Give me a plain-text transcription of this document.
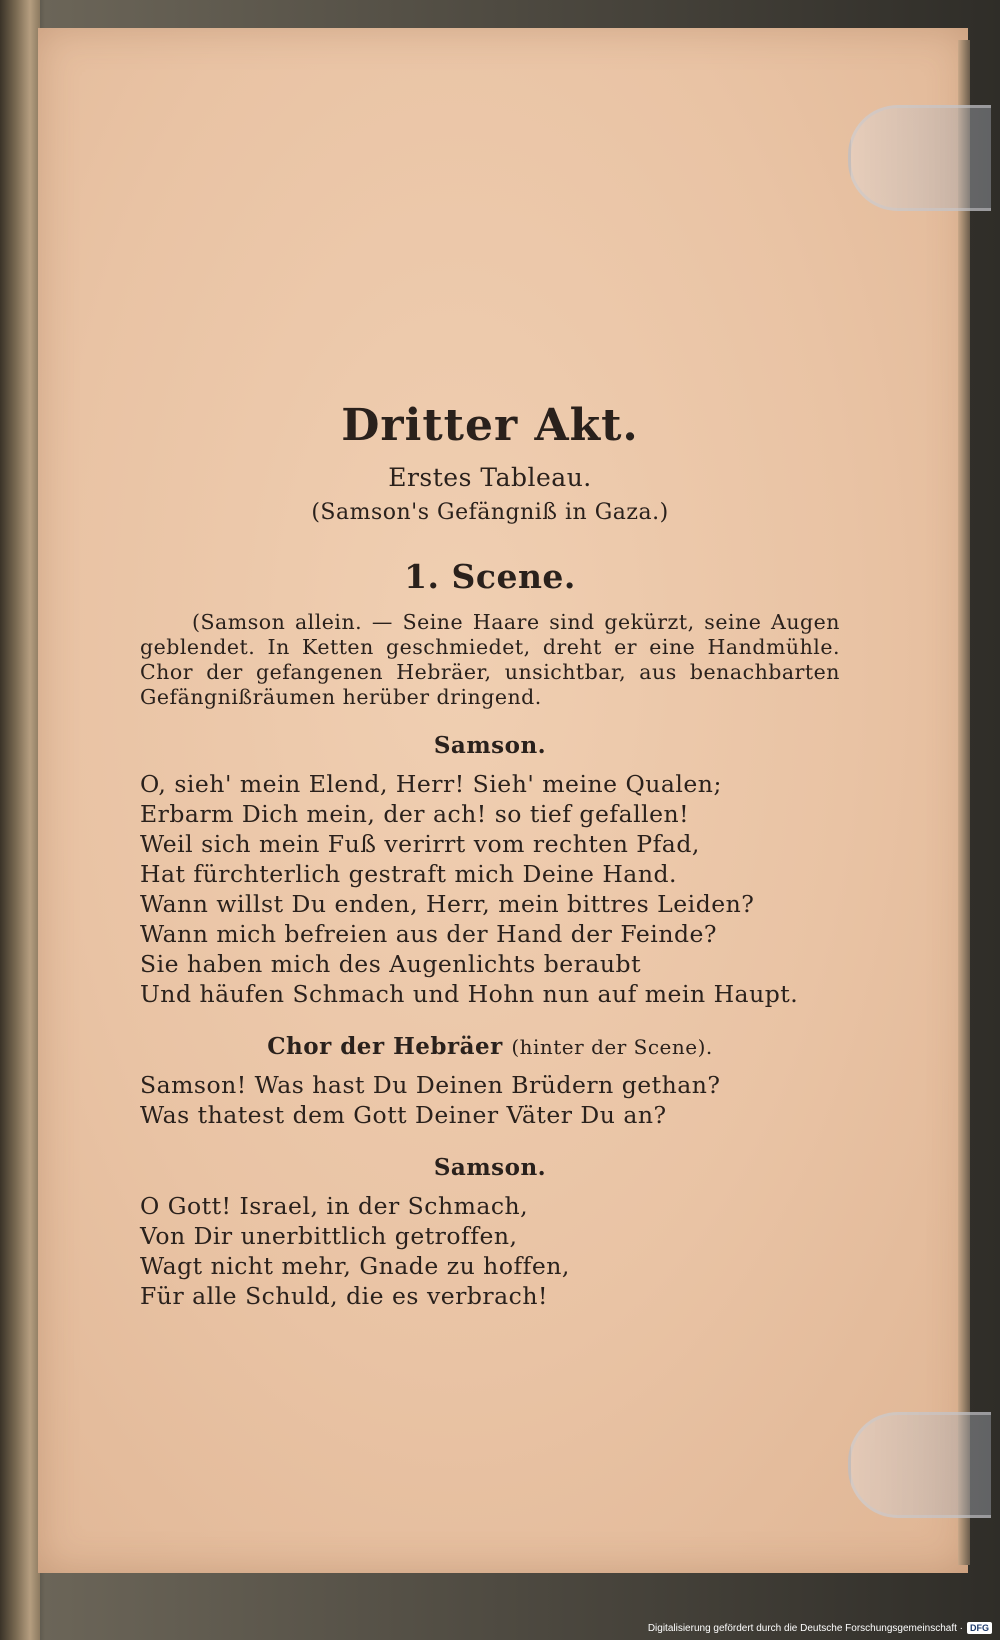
Dritter Akt.
Erstes Tableau.
(Samson's Gefängniß in Gaza.)
1. Scene.
(Samson allein. — Seine Haare sind gekürzt, seine Augen geblendet. In Ketten geschmiedet, dreht er eine Handmühle. Chor der gefangenen Hebräer, unsichtbar, aus benachbarten Gefängnißräumen herüber dringend.
Samson.
O, sieh' mein Elend, Herr! Sieh' meine Qualen;
Erbarm Dich mein, der ach! so tief gefallen!
Weil sich mein Fuß verirrt vom rechten Pfad,
Hat fürchterlich gestraft mich Deine Hand.
Wann willst Du enden, Herr, mein bittres Leiden?
Wann mich befreien aus der Hand der Feinde?
Sie haben mich des Augenlichts beraubt
Und häufen Schmach und Hohn nun auf mein Haupt.
Chor der Hebräer (hinter der Scene).
Samson! Was hast Du Deinen Brüdern gethan?
Was thatest dem Gott Deiner Väter Du an?
Samson.
O Gott! Israel, in der Schmach,
Von Dir unerbittlich getroffen,
Wagt nicht mehr, Gnade zu hoffen,
Für alle Schuld, die es verbrach!
Digitalisierung gefördert durch die Deutsche Forschungsgemeinschaft · DFG
